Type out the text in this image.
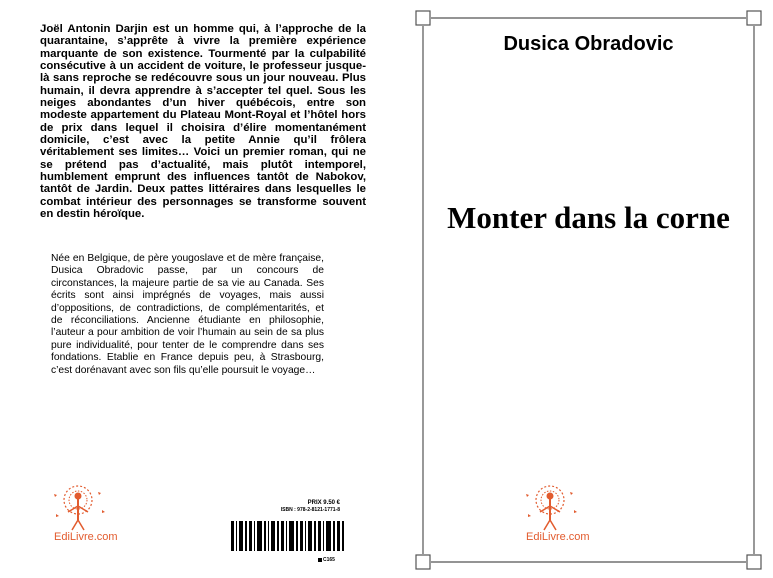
Joël Antonin Darjin est un homme qui, à l’approche de la quarantaine, s’apprête à vivre la première expérience marquante de son existence. Tourmenté par la culpabilité consécutive à un accident de voiture, le professeur jusque-là sans reproche se redécouvre sous un jour nouveau. Plus humain, il devra apprendre à s’accepter tel quel. Sous les neiges abondantes d’un hiver québécois, entre son modeste appartement du Plateau Mont-Royal et l’hôtel hors de prix dans lequel il choisira d’élire momentanément domicile, c’est avec la petite Annie qu’il frôlera véritablement ses limites… Voici un premier roman, qui ne se prétend pas d’actualité, mais plutôt intemporel, humblement emprunt des influences tantôt de Nabokov, tantôt de Jardin. Deux pattes littéraires dans lesquelles le combat intérieur des personnages se transforme souvent en destin héroïque.

Née en Belgique, de père yougoslave et de mère française, Dusica Obradovic passe, par un concours de circonstances, la majeure partie de sa vie au Canada. Ses écrits sont ainsi imprégnés de voyages, mais aussi d’oppositions, de contradictions, de complémentarités, et de réconciliations. Ancienne étudiante en philosophie, l’auteur a pour ambition de voir l’humain au sein de sa plus pure individualité, pour tenter de le comprendre dans ses fondations. Etablie en France depuis peu, à Strasbourg, c’est dorénavant avec son fils qu’elle poursuit le voyage…

EdiLivre.com
PRIX 9.50 €
ISBN : 978-2-8121-1771-8
C165
Dusica Obradovic
Monter dans la corne
EdiLivre.com
